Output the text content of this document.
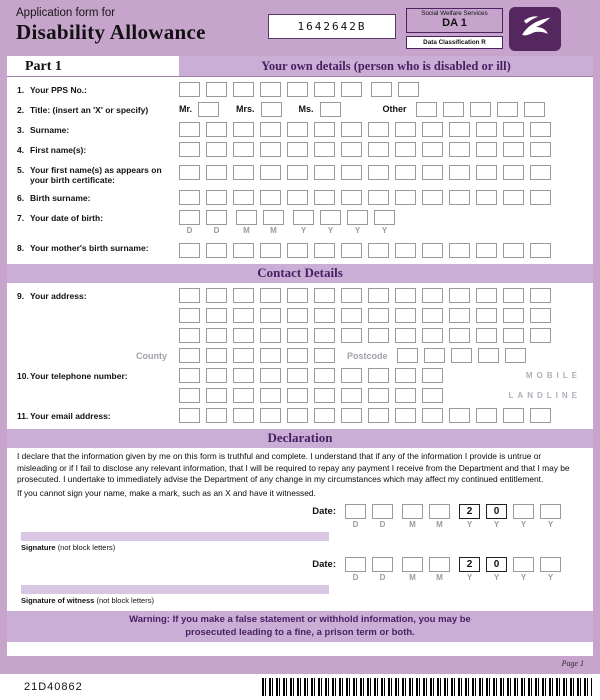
Application form for
Disability Allowance	1642642B
Social Welfare Services
DA 1
Data Classification R
Part 1	Your own details (person who is disabled or ill)
1. Your PPS No.:
2. Title: (insert an 'X' or specify)	Mr.	Mrs.	Ms.	Other
3. Surname:
4. First name(s):
5. Your first name(s) as appears on your birth certificate:
6. Birth surname:
7. Your date of birth:
D	D	M	M	Y	Y	Y	Y
8. Your mother's birth surname:
Contact Details
9. Your address:
County	Postcode
10. Your telephone number:	MOBILE
LANDLINE
11. Your email address:
Declaration

I declare that the information given by me on this form is truthful and complete. I understand that if any of the information I provide is untrue or misleading or if I fail to disclose any relevant information, that I will be required to repay any payment I receive from the Department and that I may be prosecuted. I undertake to immediately advise the Department of any change in my circumstances which may affect my continued entitlement.

If you cannot sign your name, make a mark, such as an X and have it witnessed.

Date:	2	0
D	D	M	M	Y	Y	Y	Y
Signature (not block letters)
Date:	2	0
D	D	M	M	Y	Y	Y	Y
Signature of witness (not block letters)
Warning: If you make a false statement or withhold information, you may be
prosecuted leading to a fine, a prison term or both.
Page 1
21D40862
